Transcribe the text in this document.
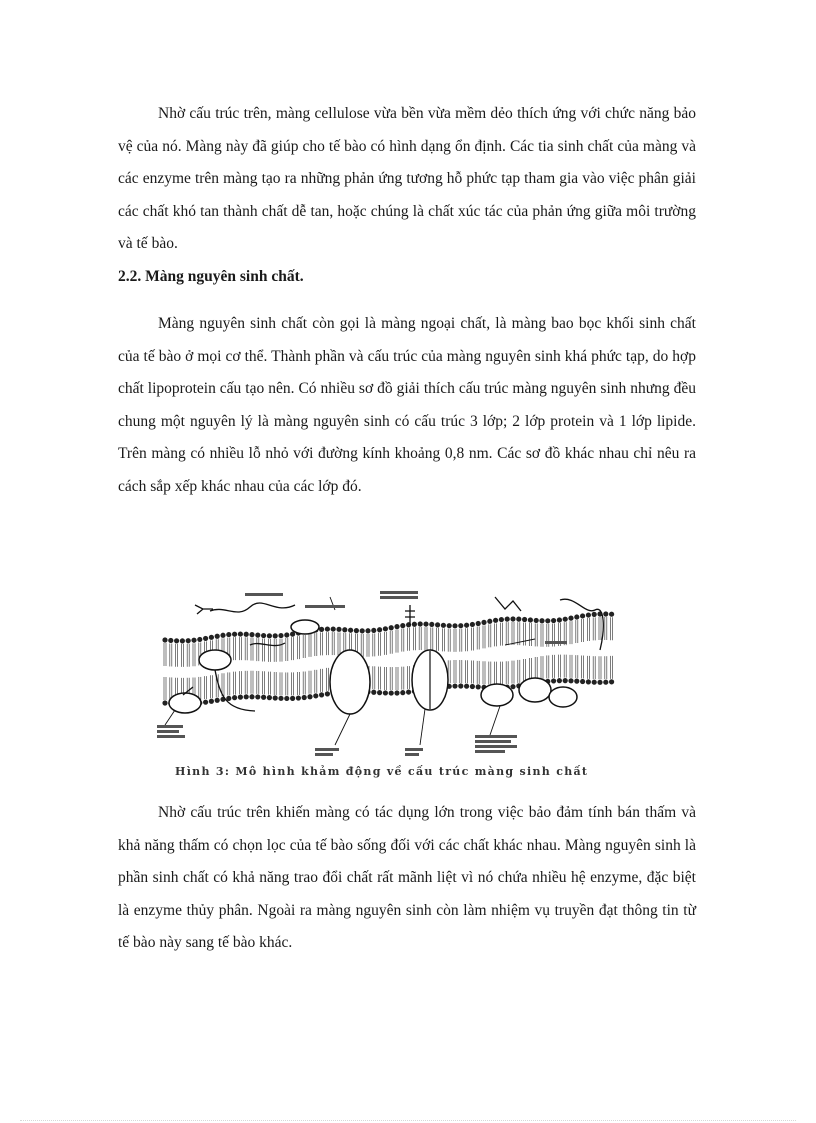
Nhờ cấu trúc trên, màng cellulose vừa bền vừa mềm dẻo thích ứng với chức năng bảo vệ của nó. Màng này đã giúp cho tế bào có hình dạng ổn định. Các tia sinh chất của màng và các enzyme trên màng tạo ra những phản ứng tương hỗ phức tạp tham gia vào việc phân giải các chất khó tan thành chất dễ tan, hoặc chúng là chất xúc tác của phản ứng giữa môi trường và tế bào.

2.2. Màng nguyên sinh chất.

Màng nguyên sinh chất còn gọi là màng ngoại chất, là màng bao bọc khối sinh chất của tế bào ở mọi cơ thể. Thành phần và cấu trúc của màng nguyên sinh khá phức tạp, do hợp chất lipoprotein cấu tạo nên. Có nhiều sơ đồ giải thích cấu trúc màng nguyên sinh nhưng đều chung một nguyên lý là màng nguyên sinh có cấu trúc 3 lớp; 2 lớp protein và 1 lớp lipide. Trên màng có nhiều lỗ nhỏ với đường kính khoảng 0,8 nm. Các sơ đồ khác nhau chỉ nêu ra cách sắp xếp khác nhau của các lớp đó.

Hình 3: Mô hình khảm động về cấu trúc màng sinh chất

Nhờ cấu trúc trên khiến màng có tác dụng lớn trong việc bảo đảm tính bán thấm và khả năng thấm có chọn lọc của tế bào sống đối với các chất khác nhau. Màng nguyên sinh là phần sinh chất có khả năng trao đổi chất rất mãnh liệt vì nó chứa nhiều hệ enzyme, đặc biệt là enzyme thủy phân. Ngoài ra màng nguyên sinh còn làm nhiệm vụ truyền đạt thông tin từ tế bào này sang tế bào khác.
